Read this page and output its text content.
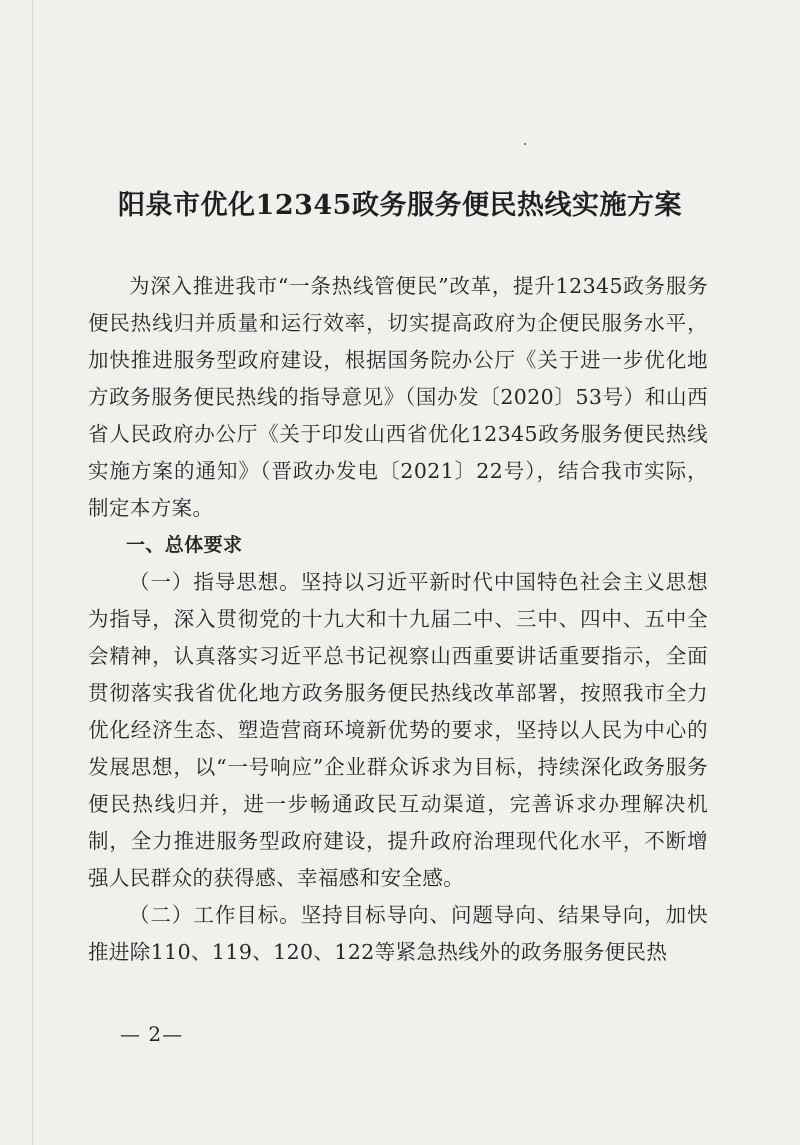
阳泉市优化12345政务服务便民热线实施方案

为深入推进我市“一条热线管便民”改革，提升12345政务服务便民热线归并质量和运行效率，切实提高政府为企便民服务水平，加快推进服务型政府建设，根据国务院办公厅《关于进一步优化地方政务服务便民热线的指导意见》（国办发〔2020〕53号）和山西省人民政府办公厅《关于印发山西省优化12345政务服务便民热线实施方案的通知》（晋政办发电〔2021〕22号），结合我市实际，制定本方案。

一、总体要求

（一）指导思想。坚持以习近平新时代中国特色社会主义思想为指导，深入贯彻党的十九大和十九届二中、三中、四中、五中全会精神，认真落实习近平总书记视察山西重要讲话重要指示，全面贯彻落实我省优化地方政务服务便民热线改革部署，按照我市全力优化经济生态、塑造营商环境新优势的要求，坚持以人民为中心的发展思想，以“一号响应”企业群众诉求为目标，持续深化政务服务便民热线归并，进一步畅通政民互动渠道，完善诉求办理解决机制，全力推进服务型政府建设，提升政府治理现代化水平，不断增强人民群众的获得感、幸福感和安全感。

（二）工作目标。坚持目标导向、问题导向、结果导向，加快推进除110、119、120、122等紧急热线外的政务服务便民热

— 2—
